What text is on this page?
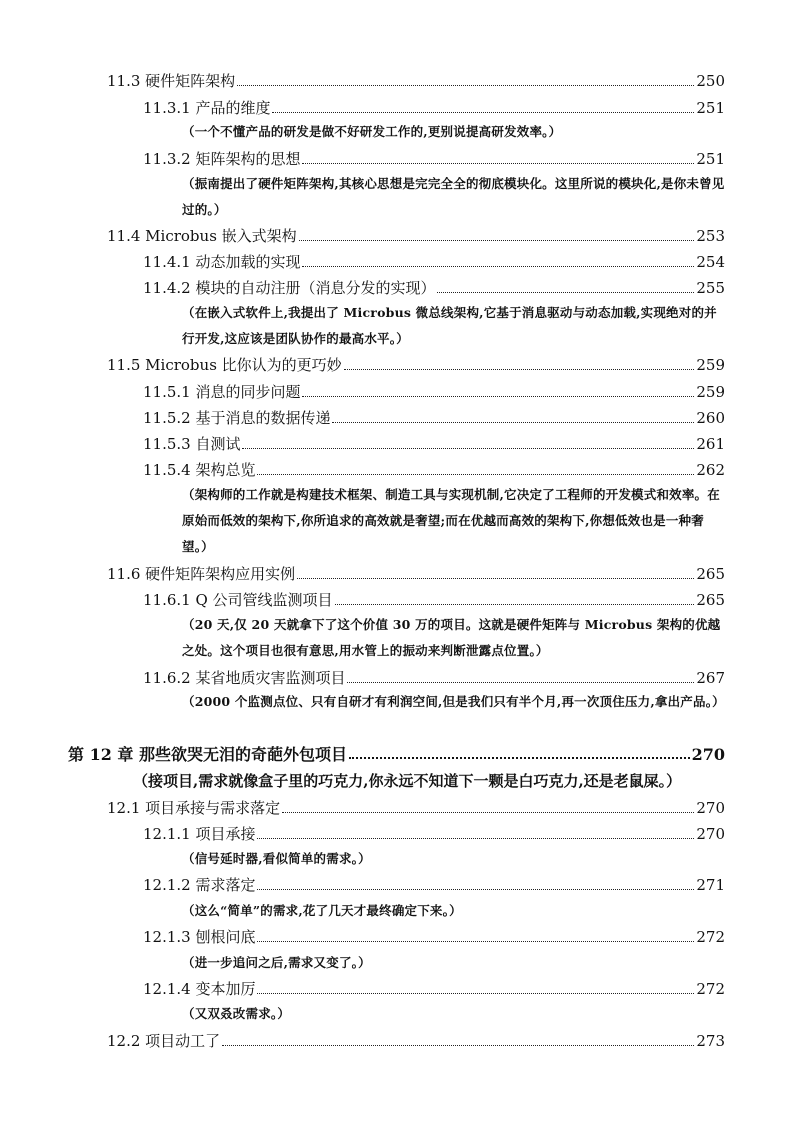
11.3 硬件矩阵架构	250
11.3.1 产品的维度	251
（一个不懂产品的研发是做不好研发工作的,更别说提高研发效率。）
11.3.2 矩阵架构的思想	251
（振南提出了硬件矩阵架构,其核心思想是完完全全的彻底模块化。这里所说的模块化,是你未曾见过的。）
11.4 Microbus 嵌入式架构	253
11.4.1 动态加载的实现	254
11.4.2 模块的自动注册（消息分发的实现）	255
（在嵌入式软件上,我提出了 Microbus 微总线架构,它基于消息驱动与动态加载,实现绝对的并行开发,这应该是团队协作的最高水平。）
11.5 Microbus 比你认为的更巧妙	259
11.5.1 消息的同步问题	259
11.5.2 基于消息的数据传递	260
11.5.3 自测试	261
11.5.4 架构总览	262
（架构师的工作就是构建技术框架、制造工具与实现机制,它决定了工程师的开发模式和效率。在原始而低效的架构下,你所追求的高效就是奢望;而在优越而高效的架构下,你想低效也是一种奢望。）
11.6 硬件矩阵架构应用实例	265
11.6.1 Q 公司管线监测项目	265
（20 天,仅 20 天就拿下了这个价值 30 万的项目。这就是硬件矩阵与 Microbus 架构的优越之处。这个项目也很有意思,用水管上的振动来判断泄露点位置。）
11.6.2 某省地质灾害监测项目	267
（2000 个监测点位、只有自研才有利润空间,但是我们只有半个月,再一次顶住压力,拿出产品。）
第 12 章 那些欲哭无泪的奇葩外包项目	270
（接项目,需求就像盒子里的巧克力,你永远不知道下一颗是白巧克力,还是老鼠屎。）
12.1 项目承接与需求落定	270
12.1.1 项目承接	270
（信号延时器,看似简单的需求。）
12.1.2 需求落定	271
（这么“简单”的需求,花了几天才最终确定下来。）
12.1.3 刨根问底	272
（进一步追问之后,需求又变了。）
12.1.4 变本加厉	272
（又双叒改需求。）
12.2 项目动工了	273
